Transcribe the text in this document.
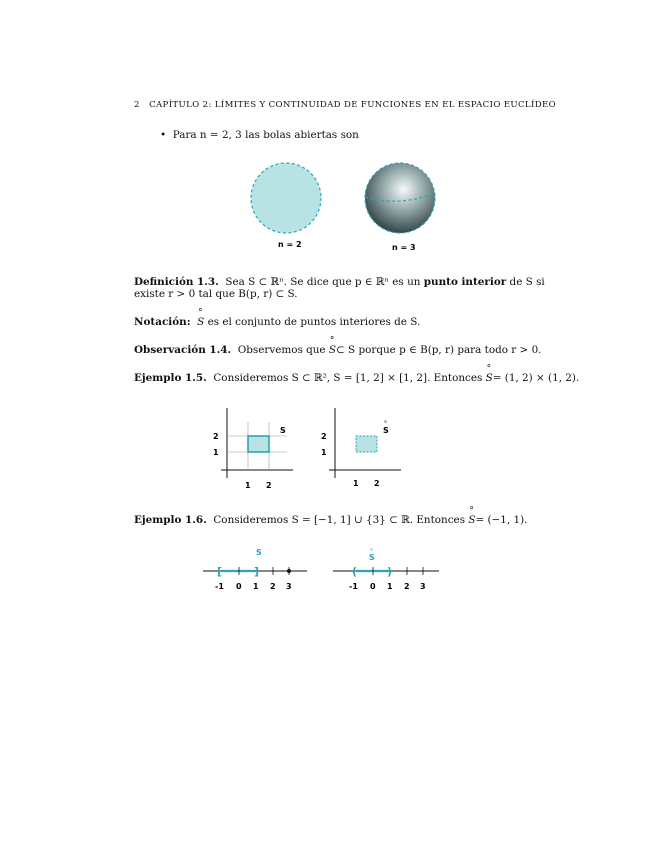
2 CAPÍTULO 2: LÍMITES Y CONTINUIDAD DE FUNCIONES EN EL ESPACIO EUCLÍDEO
• Para n = 2, 3 las bolas abiertas son
n = 2	n = 3
Definición 1.3. Sea S ⊂ ℝⁿ. Se dice que p ∈ ℝⁿ es un punto interior de S si
existe r > 0 tal que B(p, r) ⊂ S.
Notación: ° S es el conjunto de puntos interiores de S.
Observación 1.4. Observemos que ° S⊂ S porque p ∈ B(p, r) para todo r > 0.
Ejemplo 1.5. Consideremos S ⊂ ℝ², S = [1, 2] × [1, 2]. Entonces ° S= (1, 2) × (1, 2).
S
2
1
1 2
S
°
2
1
1 2
Ejemplo 1.6. Consideremos S = [−1, 1] ∪ {3} ⊂ ℝ. Entonces ° S= (−1, 1).
S
[	]
-1 0 1 2 3
S
°
(	)
-1 0 1 2 3
